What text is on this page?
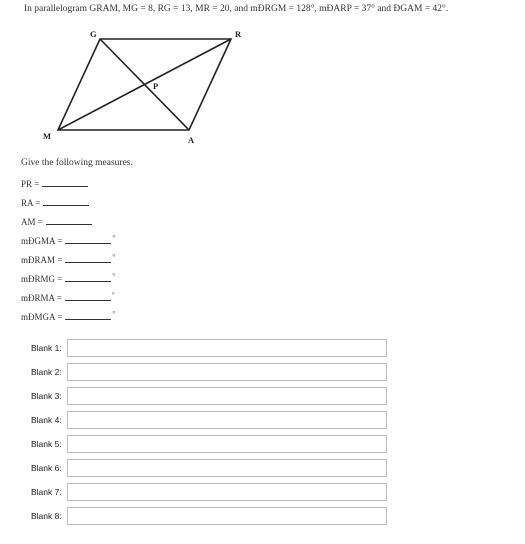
In parallelogram GRAM, MG = 8, RG = 13, MR = 20, and mÐRGM = 128°, mÐARP = 37° and ÐGAM = 42°.
G	R
M	A
P
Give the following measures.
PR =
RA =
AM =
mÐGMA =	°
mÐRAM =	°
mÐRMG =	°
mÐRMA =	°
mÐMGA =	°
Blank 1:
Blank 2:
Blank 3:
Blank 4:
Blank 5:
Blank 6:
Blank 7:
Blank 8:
